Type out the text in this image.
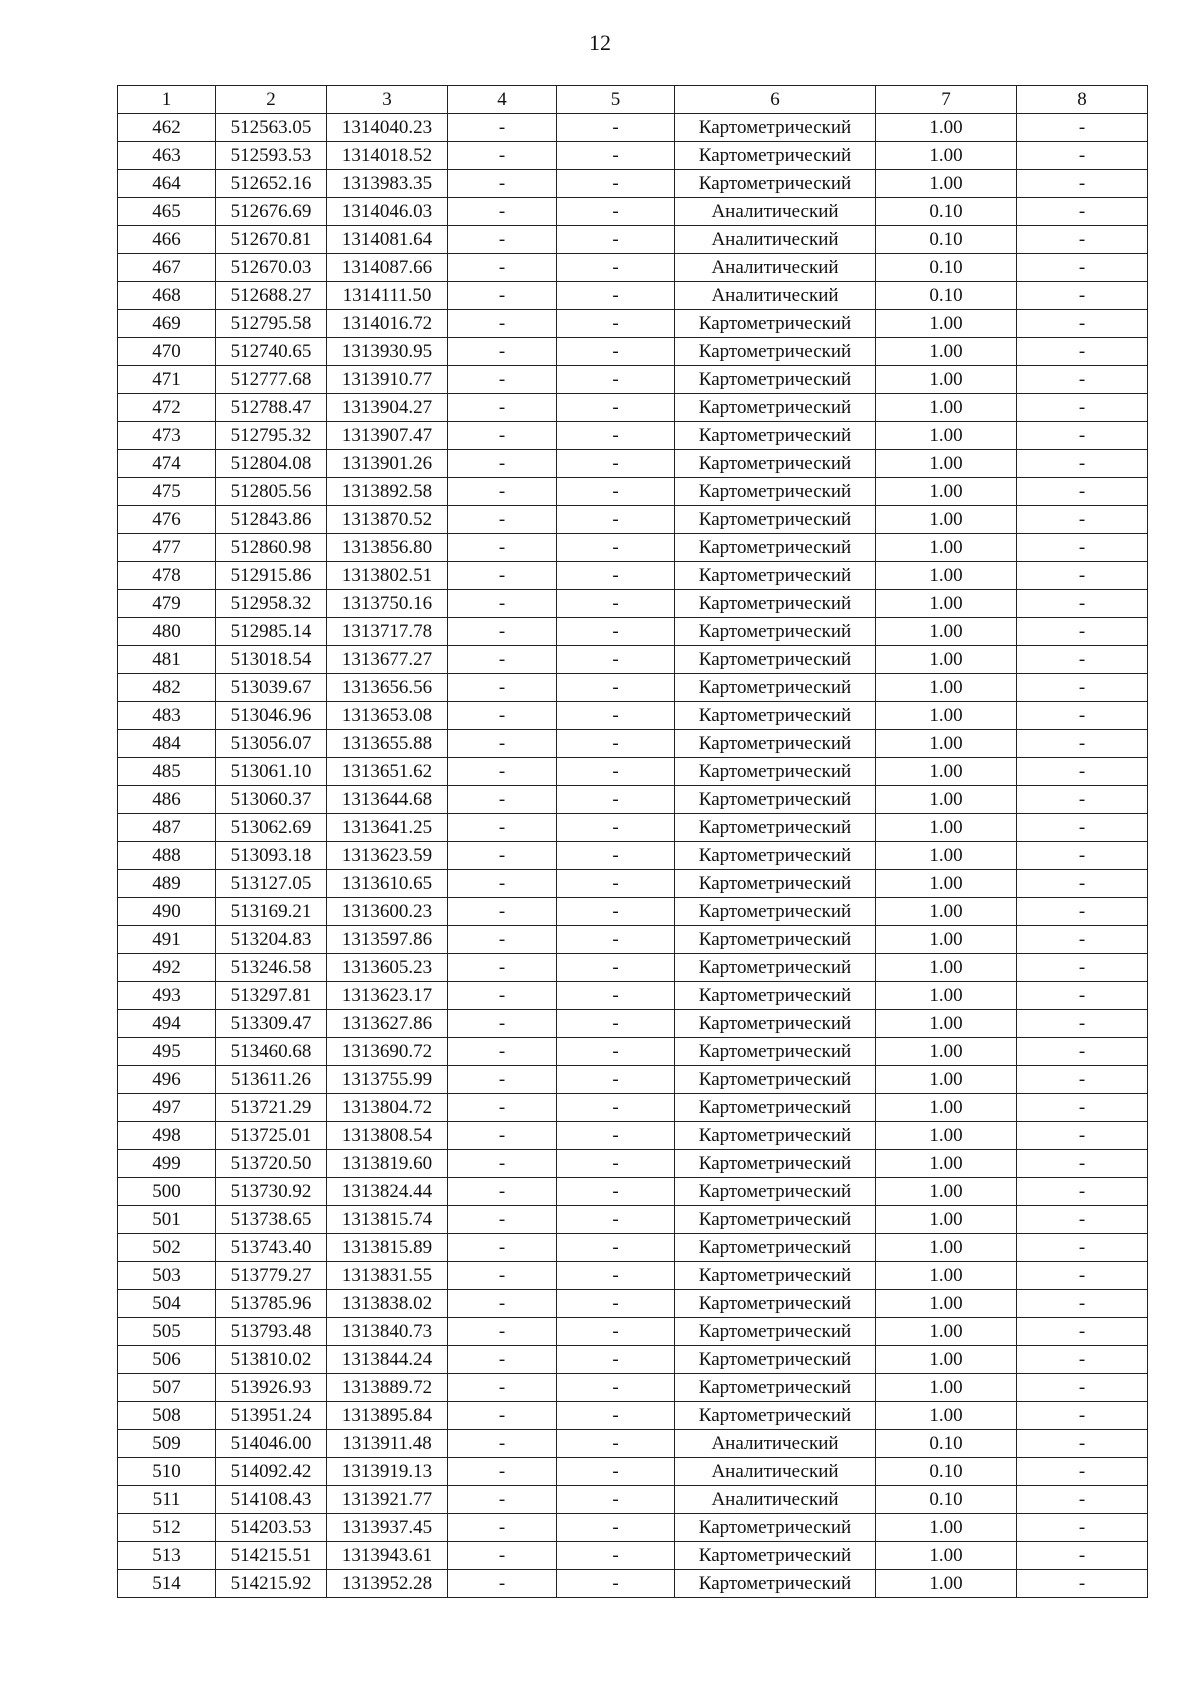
12
1	2	3	4	5	6	7	8
462	512563.05	1314040.23	-	-	Картометрический	1.00	-
463	512593.53	1314018.52	-	-	Картометрический	1.00	-
464	512652.16	1313983.35	-	-	Картометрический	1.00	-
465	512676.69	1314046.03	-	-	Аналитический	0.10	-
466	512670.81	1314081.64	-	-	Аналитический	0.10	-
467	512670.03	1314087.66	-	-	Аналитический	0.10	-
468	512688.27	1314111.50	-	-	Аналитический	0.10	-
469	512795.58	1314016.72	-	-	Картометрический	1.00	-
470	512740.65	1313930.95	-	-	Картометрический	1.00	-
471	512777.68	1313910.77	-	-	Картометрический	1.00	-
472	512788.47	1313904.27	-	-	Картометрический	1.00	-
473	512795.32	1313907.47	-	-	Картометрический	1.00	-
474	512804.08	1313901.26	-	-	Картометрический	1.00	-
475	512805.56	1313892.58	-	-	Картометрический	1.00	-
476	512843.86	1313870.52	-	-	Картометрический	1.00	-
477	512860.98	1313856.80	-	-	Картометрический	1.00	-
478	512915.86	1313802.51	-	-	Картометрический	1.00	-
479	512958.32	1313750.16	-	-	Картометрический	1.00	-
480	512985.14	1313717.78	-	-	Картометрический	1.00	-
481	513018.54	1313677.27	-	-	Картометрический	1.00	-
482	513039.67	1313656.56	-	-	Картометрический	1.00	-
483	513046.96	1313653.08	-	-	Картометрический	1.00	-
484	513056.07	1313655.88	-	-	Картометрический	1.00	-
485	513061.10	1313651.62	-	-	Картометрический	1.00	-
486	513060.37	1313644.68	-	-	Картометрический	1.00	-
487	513062.69	1313641.25	-	-	Картометрический	1.00	-
488	513093.18	1313623.59	-	-	Картометрический	1.00	-
489	513127.05	1313610.65	-	-	Картометрический	1.00	-
490	513169.21	1313600.23	-	-	Картометрический	1.00	-
491	513204.83	1313597.86	-	-	Картометрический	1.00	-
492	513246.58	1313605.23	-	-	Картометрический	1.00	-
493	513297.81	1313623.17	-	-	Картометрический	1.00	-
494	513309.47	1313627.86	-	-	Картометрический	1.00	-
495	513460.68	1313690.72	-	-	Картометрический	1.00	-
496	513611.26	1313755.99	-	-	Картометрический	1.00	-
497	513721.29	1313804.72	-	-	Картометрический	1.00	-
498	513725.01	1313808.54	-	-	Картометрический	1.00	-
499	513720.50	1313819.60	-	-	Картометрический	1.00	-
500	513730.92	1313824.44	-	-	Картометрический	1.00	-
501	513738.65	1313815.74	-	-	Картометрический	1.00	-
502	513743.40	1313815.89	-	-	Картометрический	1.00	-
503	513779.27	1313831.55	-	-	Картометрический	1.00	-
504	513785.96	1313838.02	-	-	Картометрический	1.00	-
505	513793.48	1313840.73	-	-	Картометрический	1.00	-
506	513810.02	1313844.24	-	-	Картометрический	1.00	-
507	513926.93	1313889.72	-	-	Картометрический	1.00	-
508	513951.24	1313895.84	-	-	Картометрический	1.00	-
509	514046.00	1313911.48	-	-	Аналитический	0.10	-
510	514092.42	1313919.13	-	-	Аналитический	0.10	-
511	514108.43	1313921.77	-	-	Аналитический	0.10	-
512	514203.53	1313937.45	-	-	Картометрический	1.00	-
513	514215.51	1313943.61	-	-	Картометрический	1.00	-
514	514215.92	1313952.28	-	-	Картометрический	1.00	-
